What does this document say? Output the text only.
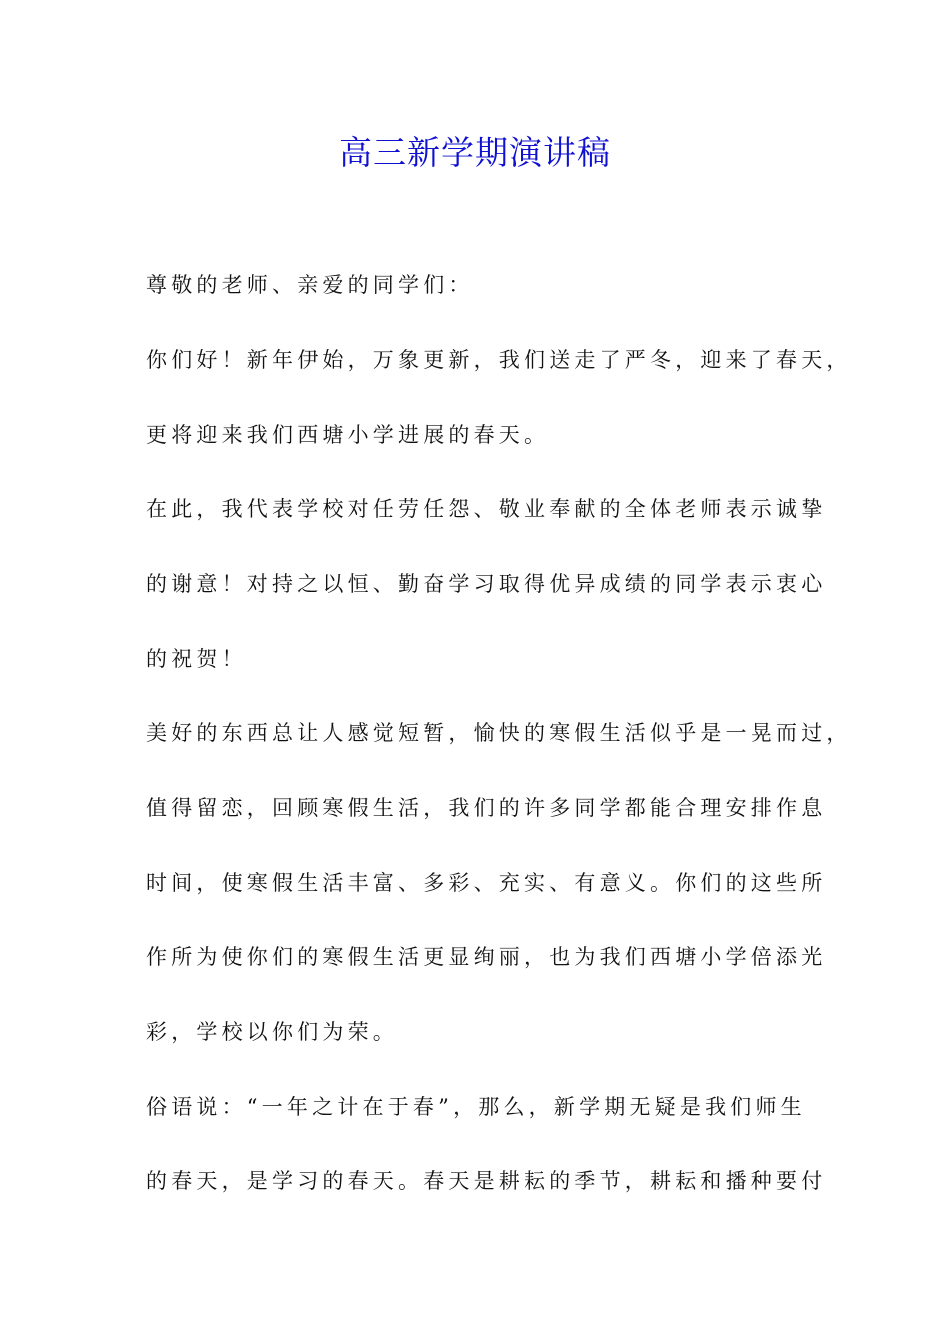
高三新学期演讲稿
尊敬的老师、亲爱的同学们：
你们好！新年伊始，万象更新，我们送走了严冬，迎来了春天，
更将迎来我们西塘小学进展的春天。
在此，我代表学校对任劳任怨、敬业奉献的全体老师表示诚挚
的谢意！对持之以恒、勤奋学习取得优异成绩的同学表示衷心
的祝贺！
美好的东西总让人感觉短暂，愉快的寒假生活似乎是一晃而过，
值得留恋，回顾寒假生活，我们的许多同学都能合理安排作息
时间，使寒假生活丰富、多彩、充实、有意义。你们的这些所
作所为使你们的寒假生活更显绚丽，也为我们西塘小学倍添光
彩，学校以你们为荣。
俗语说：“一年之计在于春”，那么，新学期无疑是我们师生
的春天，是学习的春天。春天是耕耘的季节，耕耘和播种要付
